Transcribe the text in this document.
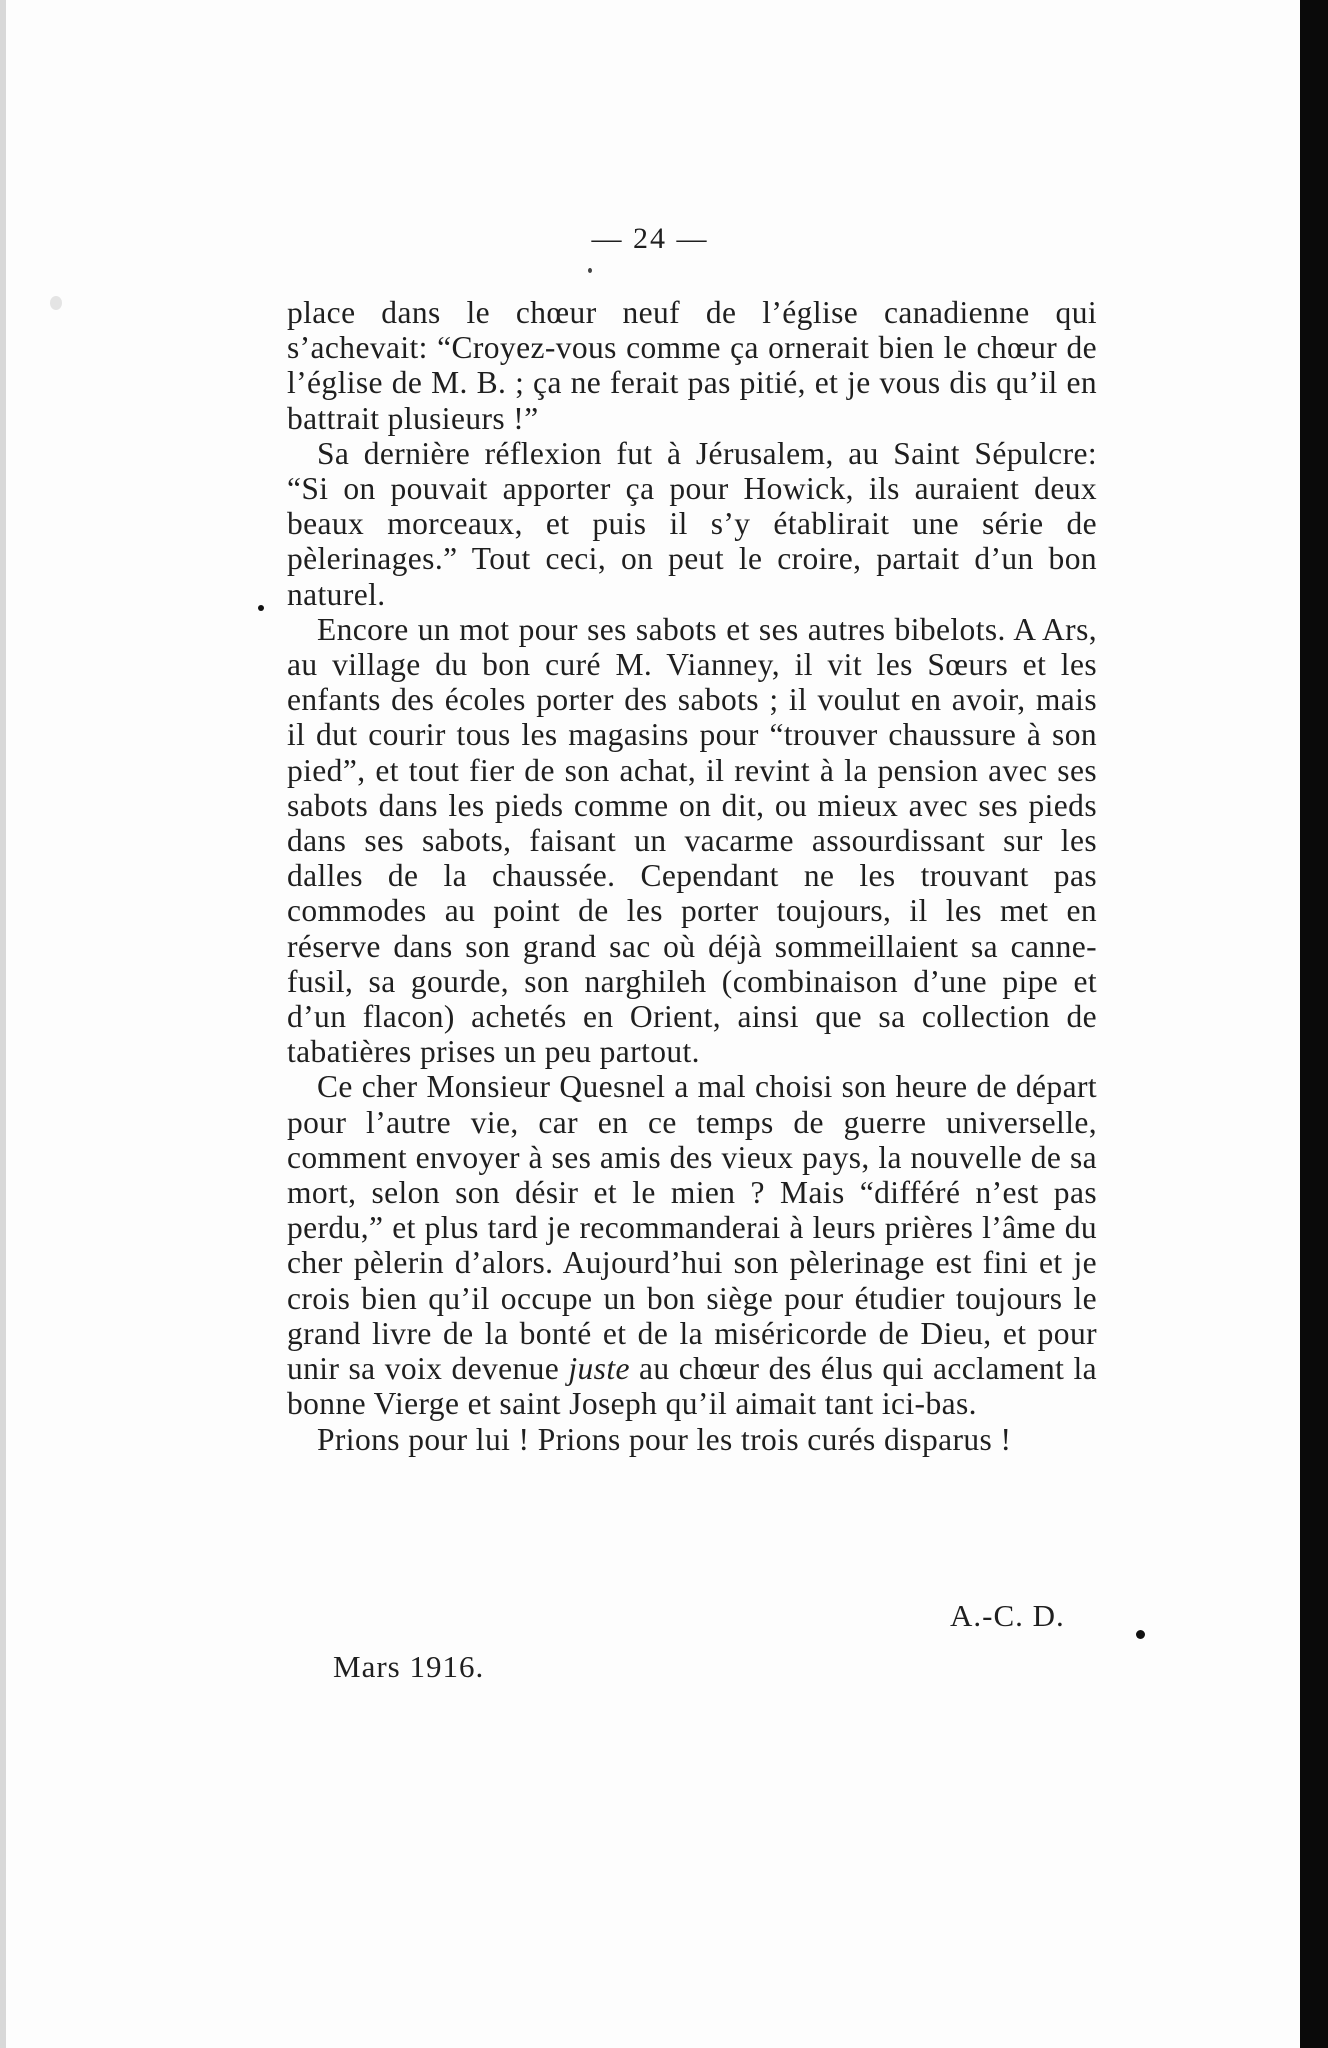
— 24 —

place dans le chœur neuf de l’église canadienne qui s’achevait: “Croyez-vous comme ça ornerait bien le chœur de l’église de M. B. ; ça ne ferait pas pitié, et je vous dis qu’il en battrait plusieurs !”

Sa dernière réflexion fut à Jérusalem, au Saint Sépulcre: “Si on pouvait apporter ça pour Howick, ils auraient deux beaux morceaux, et puis il s’y établirait une série de pèlerinages.” Tout ceci, on peut le croire, partait d’un bon naturel.

Encore un mot pour ses sabots et ses autres bibelots. A Ars, au village du bon curé M. Vianney, il vit les Sœurs et les enfants des écoles porter des sabots ; il voulut en avoir, mais il dut courir tous les magasins pour “trouver chaussure à son pied”, et tout fier de son achat, il revint à la pension avec ses sabots dans les pieds comme on dit, ou mieux avec ses pieds dans ses sabots, faisant un vacarme assourdissant sur les dalles de la chaussée. Cependant ne les trouvant pas commodes au point de les porter toujours, il les met en réserve dans son grand sac où déjà sommeillaient sa canne-fusil, sa gourde, son narghileh (combinaison d’une pipe et d’un flacon) achetés en Orient, ainsi que sa collection de tabatières prises un peu partout.

Ce cher Monsieur Quesnel a mal choisi son heure de départ pour l’autre vie, car en ce temps de guerre universelle, comment envoyer à ses amis des vieux pays, la nouvelle de sa mort, selon son désir et le mien ? Mais “différé n’est pas perdu,” et plus tard je recommanderai à leurs prières l’âme du cher pèlerin d’alors. Aujourd’hui son pèlerinage est fini et je crois bien qu’il occupe un bon siège pour étudier toujours le grand livre de la bonté et de la miséricorde de Dieu, et pour unir sa voix devenue juste au chœur des élus qui acclament la bonne Vierge et saint Joseph qu’il aimait tant ici-bas.

Prions pour lui ! Prions pour les trois curés disparus !

A.-C. D.
Mars 1916.
